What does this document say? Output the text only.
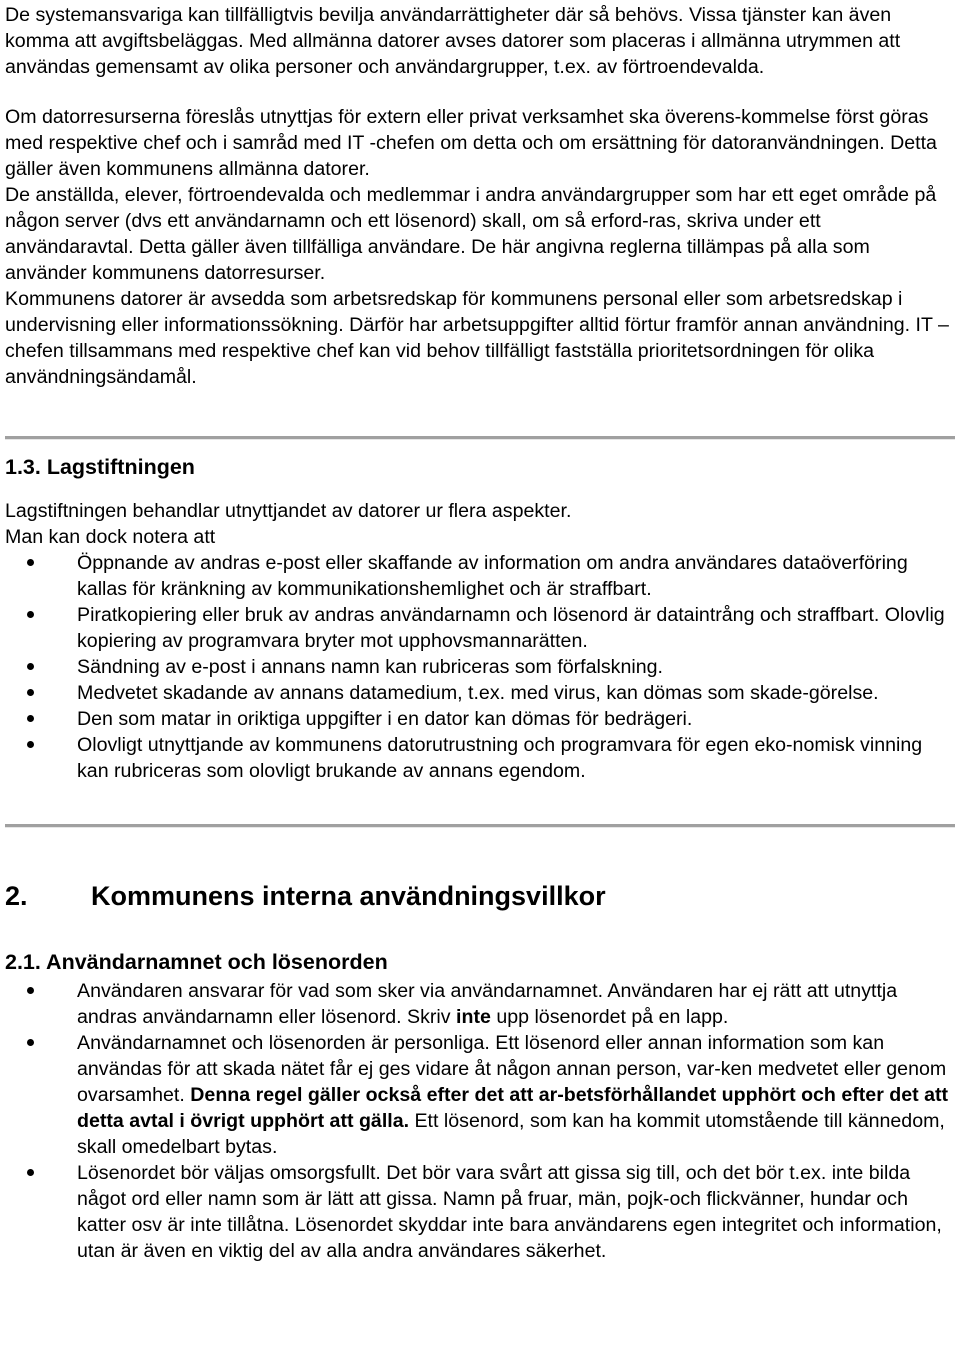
De systemansvariga kan tillfälligtvis bevilja användarrättigheter där så behövs. Vissa tjänster kan även komma att avgiftsbeläggas. Med allmänna datorer avses datorer som placeras i allmänna utrymmen att användas gemensamt av olika personer och användargrupper, t.ex. av förtroendevalda.

Om datorresurserna föreslås utnyttjas för extern eller privat verksamhet ska överens-kommelse först göras med respektive chef och i samråd med IT -chefen om detta och om ersättning för datoranvändningen. Detta gäller även kommunens allmänna datorer.

De anställda, elever, förtroendevalda och medlemmar i andra användargrupper som har ett eget område på någon server (dvs ett användarnamn och ett lösenord) skall, om så erford-ras, skriva under ett användaravtal. Detta gäller även tillfälliga användare. De här angivna reglerna tillämpas på alla som använder kommunens datorresurser.

Kommunens datorer är avsedda som arbetsredskap för kommunens personal eller som arbetsredskap i undervisning eller informationssökning. Därför har arbetsuppgifter alltid förtur framför annan användning. IT –chefen tillsammans med respektive chef kan vid behov tillfälligt fastställa prioritetsordningen för olika användningsändamål.

1.3. Lagstiftningen

Lagstiftningen behandlar utnyttjandet av datorer ur flera aspekter.

Man kan dock notera att

Öppnande av andras e-post eller skaffande av information om andra användares dataöverföring kallas för kränkning av kommunikationshemlighet och är straffbart.
Piratkopiering eller bruk av andras användarnamn och lösenord är dataintrång och straffbart. Olovlig kopiering av programvara bryter mot upphovsmannarätten.
Sändning av e-post i annans namn kan rubriceras som förfalskning.
Medvetet skadande av annans datamedium, t.ex. med virus, kan dömas som skade-görelse.
Den som matar in oriktiga uppgifter i en dator kan dömas för bedrägeri.
Olovligt utnyttjande av kommunens datorutrustning och programvara för egen eko-nomisk vinning kan rubriceras som olovligt brukande av annans egendom.
2. Kommunens interna användningsvillkor
2.1. Användarnamnet och lösenorden
Användaren ansvarar för vad som sker via användarnamnet. Användaren har ej rätt att utnyttja andras användarnamn eller lösenord. Skriv inte upp lösenordet på en lapp.
Användarnamnet och lösenorden är personliga. Ett lösenord eller annan information som kan användas för att skada nätet får ej ges vidare åt någon annan person, var-ken medvetet eller genom ovarsamhet. Denna regel gäller också efter det att ar-betsförhållandet upphört och efter det att detta avtal i övrigt upphört att gälla. Ett lösenord, som kan ha kommit utomstående till kännedom, skall omedelbart bytas.
Lösenordet bör väljas omsorgsfullt. Det bör vara svårt att gissa sig till, och det bör t.ex. inte bilda något ord eller namn som är lätt att gissa. Namn på fruar, män, pojk-och flickvänner, hundar och katter osv är inte tillåtna. Lösenordet skyddar inte bara användarens egen integritet och information, utan är även en viktig del av alla andra användares säkerhet.
